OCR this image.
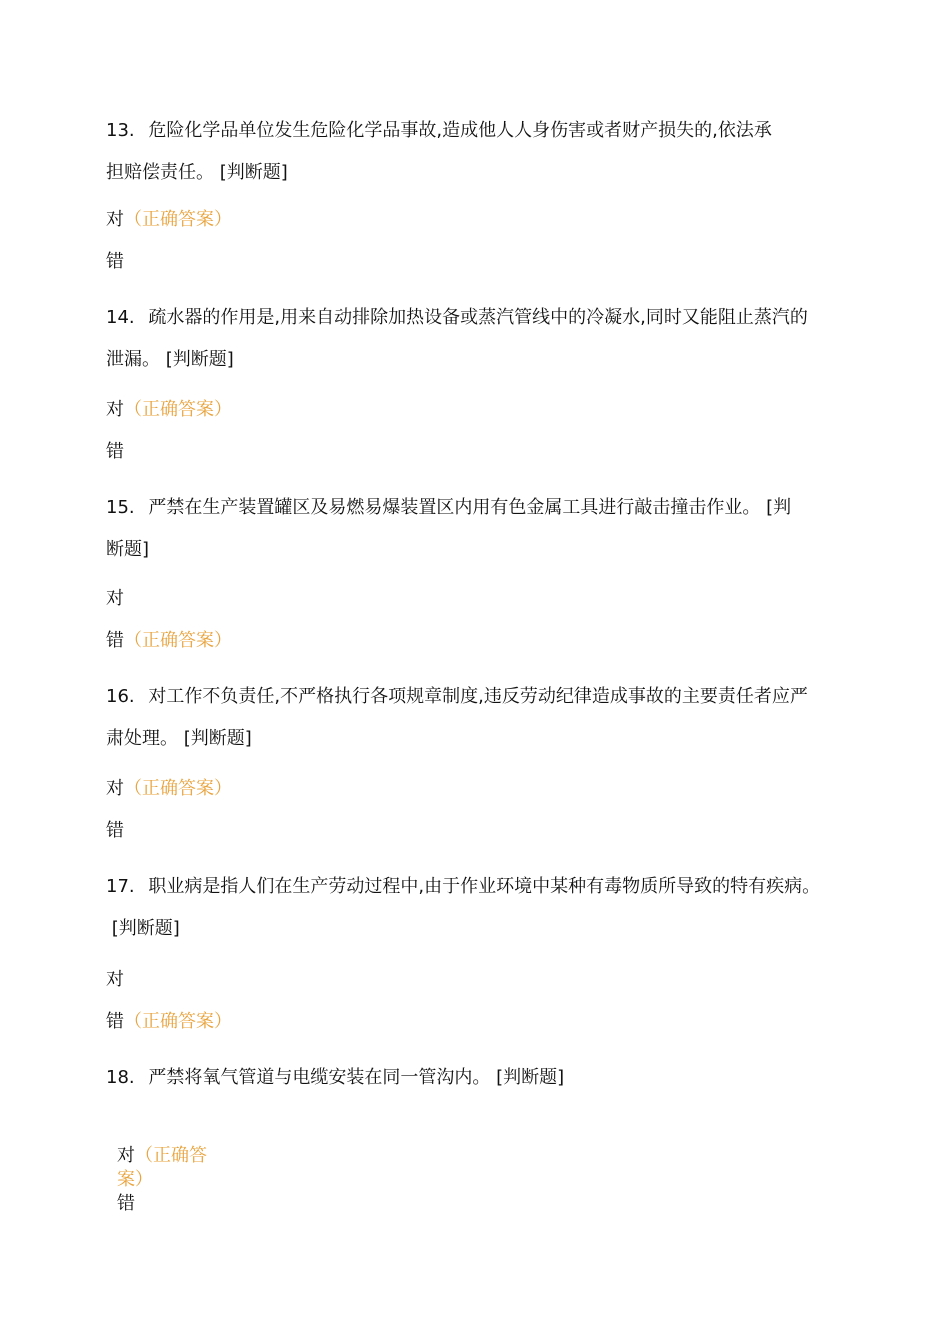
13. 危险化学品单位发生危险化学品事故,造成他人人身伤害或者财产损失的,依法承
担赔偿责任。 [判断题]
对（正确答案）
错
14. 疏水器的作用是,用来自动排除加热设备或蒸汽管线中的冷凝水,同时又能阻止蒸汽的
泄漏。 [判断题]
对（正确答案）
错
15. 严禁在生产装置罐区及易燃易爆装置区内用有色金属工具进行敲击撞击作业。 [判
断题]
对
错（正确答案）
16. 对工作不负责任,不严格执行各项规章制度,违反劳动纪律造成事故的主要责任者应严
肃处理。 [判断题]
对（正确答案）
错
17. 职业病是指人们在生产劳动过程中,由于作业环境中某种有毒物质所导致的特有疾病。
[判断题]
对
错（正确答案）
18. 严禁将氧气管道与电缆安装在同一管沟内。 [判断题]
对（正确答
案）
错
